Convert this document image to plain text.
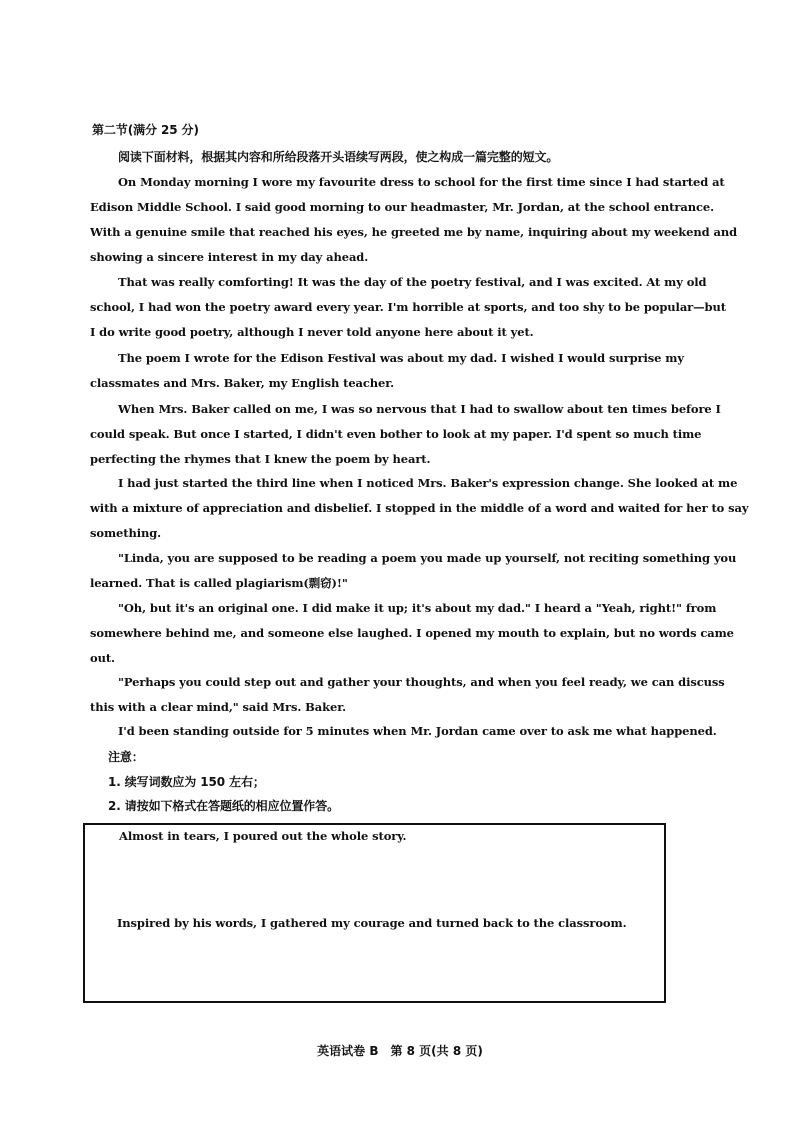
第二节(满分 25 分)
阅读下面材料，根据其内容和所给段落开头语续写两段，使之构成一篇完整的短文。
On Monday morning I wore my favourite dress to school for the first time since I had started at
Edison Middle School. I said good morning to our headmaster, Mr. Jordan, at the school entrance.
With a genuine smile that reached his eyes, he greeted me by name, inquiring about my weekend and
showing a sincere interest in my day ahead.
That was really comforting! It was the day of the poetry festival, and I was excited. At my old
school, I had won the poetry award every year. I'm horrible at sports, and too shy to be popular—but
I do write good poetry, although I never told anyone here about it yet.
The poem I wrote for the Edison Festival was about my dad. I wished I would surprise my
classmates and Mrs. Baker, my English teacher.
When Mrs. Baker called on me, I was so nervous that I had to swallow about ten times before I
could speak. But once I started, I didn't even bother to look at my paper. I'd spent so much time
perfecting the rhymes that I knew the poem by heart.
I had just started the third line when I noticed Mrs. Baker's expression change. She looked at me
with a mixture of appreciation and disbelief. I stopped in the middle of a word and waited for her to say
something.
"Linda, you are supposed to be reading a poem you made up yourself, not reciting something you
learned. That is called plagiarism(剽窃)!"
"Oh, but it's an original one. I did make it up; it's about my dad." I heard a "Yeah, right!" from
somewhere behind me, and someone else laughed. I opened my mouth to explain, but no words came
out.
"Perhaps you could step out and gather your thoughts, and when you feel ready, we can discuss
this with a clear mind," said Mrs. Baker.
I'd been standing outside for 5 minutes when Mr. Jordan came over to ask me what happened.
注意：
1. 续写词数应为 150 左右；
2. 请按如下格式在答题纸的相应位置作答。
Almost in tears, I poured out the whole story.
Inspired by his words, I gathered my courage and turned back to the classroom.
英语试卷 B　第 8 页(共 8 页)
